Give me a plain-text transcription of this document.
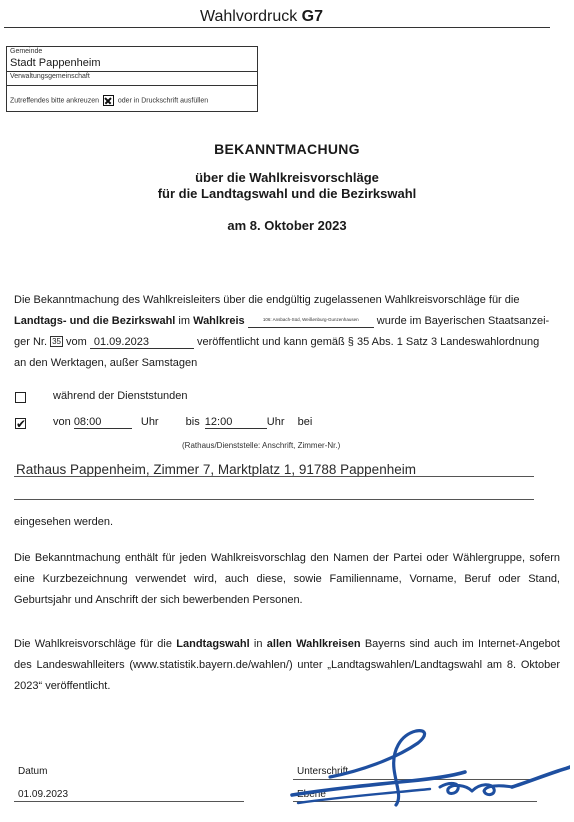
Wahlvordruck G7
Gemeinde
Stadt Pappenheim
Verwaltungsgemeinschaft
Zutreffendes bitte ankreuzen ☒ oder in Druckschrift ausfüllen
BEKANNTMACHUNG
über die Wahlkreisvorschläge
für die Landtagswahl und die Bezirkswahl
am 8. Oktober 2023
Die Bekanntmachung des Wahlkreisleiters über die endgültig zugelassenen Wahlkreisvorschläge für die
Landtags- und die Bezirkswahl im Wahlkreis	$^{106: Ansbach-Süd, Weißenburg-Gunzenhausen}$ wurde im Bayerischen Staatsanzei-
ger Nr. 35 vom 01.09.2023	veröffentlicht und kann gemäß § 35 Abs. 1 Satz 3 Landeswahlordnung
an den Werktagen, außer Samstagen
während der Dienststunden
✔ von 08:00	Uhr bis 12:00	Uhr bei
(Rathaus/Dienststelle: Anschrift, Zimmer-Nr.)
Rathaus Pappenheim, Zimmer 7, Marktplatz 1, 91788 Pappenheim
eingesehen werden.
Die Bekanntmachung enthält für jeden Wahlkreisvorschlag den Namen der Partei oder Wählergruppe, sofern eine Kurzbezeichnung verwendet wird, auch diese, sowie Familienname, Vorname, Beruf oder Stand, Geburtsjahr und Anschrift der sich bewerbenden Personen.
Die Wahlkreisvorschläge für die Landtagswahl in allen Wahlkreisen Bayerns sind auch im Internet-Angebot des Landeswahlleiters (www.statistik.bayern.de/wahlen/) unter „Landtagswahlen/Landtagswahl am 8. Oktober 2023“ veröffentlicht.
Datum
01.09.2023
Unterschrift
Ebene
